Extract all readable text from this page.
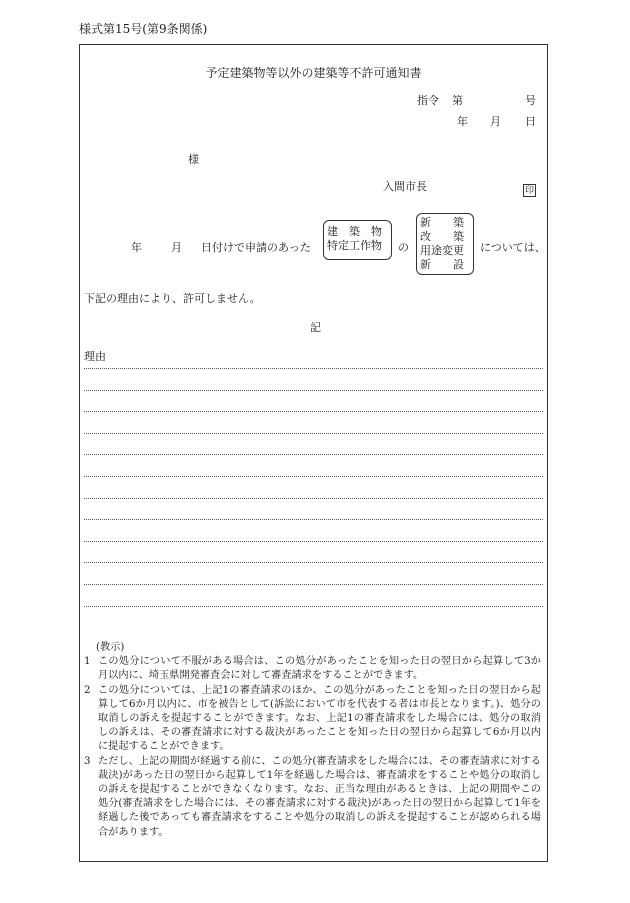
様式第15号(第9条関係)
予定建築物等以外の建築等不許可通知書
指令 第	号
年 月 日
様
入間市長	印
年	月 日付けで申請のあった
建　築　物
特定工作物 の
新　　築
改　　築
用途変更
新　　設
については、
下記の理由により、許可しません。
記
理由
(教示)
1 この処分について不服がある場合は、この処分があったことを知った日の翌日から起算して3か月以内に、埼玉県開発審査会に対して審査請求をすることができます。
2 この処分については、上記1の審査請求のほか、この処分があったことを知った日の翌日から起算して6か月以内に、市を被告として(訴訟において市を代表する者は市長となります。)、処分の取消しの訴えを提起することができます。なお、上記1の審査請求をした場合には、処分の取消しの訴えは、その審査請求に対する裁決があったことを知った日の翌日から起算して6か月以内に提起することができます。
3 ただし、上記の期間が経過する前に、この処分(審査請求をした場合には、その審査請求に対する裁決)があった日の翌日から起算して1年を経過した場合は、審査請求をすることや処分の取消しの訴えを提起することができなくなります。なお、正当な理由があるときは、上記の期間やこの処分(審査請求をした場合には、その審査請求に対する裁決)があった日の翌日から起算して1年を経過した後であっても審査請求をすることや処分の取消しの訴えを提起することが認められる場合があります。
